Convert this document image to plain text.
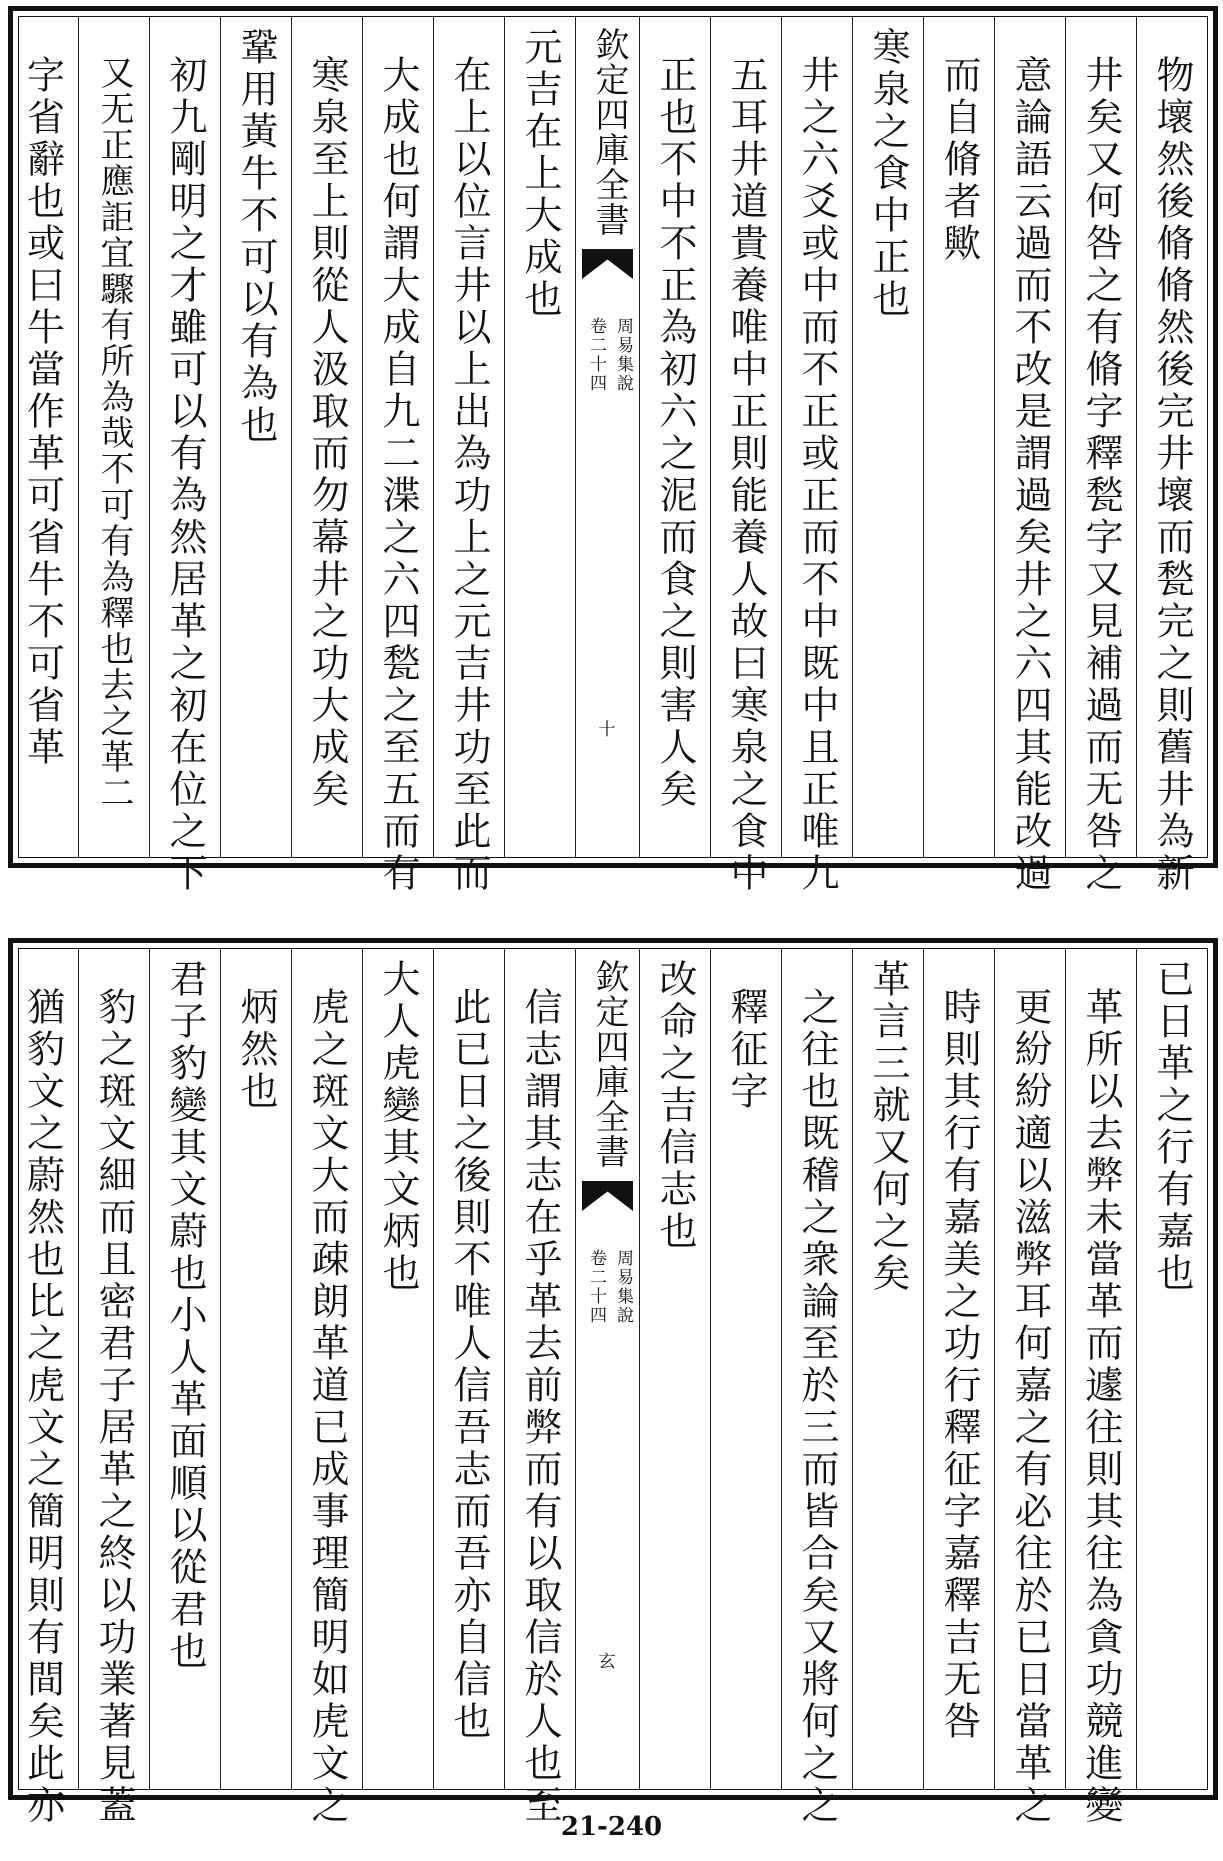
物壞然後脩脩然後完井壞而甃完之則舊井為新
井矣又何咎之有脩字釋甃字又見補過而无咎之
意論語云過而不改是謂過矣井之六四其能改過
而自脩者歟
寒泉之食中正也
井之六爻或中而不正或正而不中既中且正唯九
五耳井道貴養唯中正則能養人故曰寒泉之食中
正也不中不正為初六之泥而食之則害人矣
欽定四庫全書
周易集說
卷二十四
十
元吉在上大成也
在上以位言井以上出為功上之元吉井功至此而
大成也何謂大成自九二渫之六四甃之至五而有
寒泉至上則從人汲取而勿幕井之功大成矣
鞏用黃牛不可以有為也
初九剛明之才雖可以有為然居革之初在位之下
又无正應詎宜驟有所為哉不可有為釋也去之革二
字省辭也或曰牛當作革可省牛不可省革
已日革之行有嘉也
革所以去弊未當革而遽往則其往為貪功競進變
更紛紛適以滋弊耳何嘉之有必往於已日當革之
時則其行有嘉美之功行釋征字嘉釋吉无咎
革言三就又何之矣
之往也既稽之衆論至於三而皆合矣又將何之之
釋征字
改命之吉信志也
欽定四庫全書
周易集說
卷二十四
玄
信志謂其志在乎革去前弊而有以取信於人也至
此已日之後則不唯人信吾志而吾亦自信也
大人虎變其文炳也
虎之斑文大而疎朗革道已成事理簡明如虎文之
炳然也
君子豹變其文蔚也小人革面順以從君也
豹之斑文細而且密君子居革之終以功業著見蓋
猶豹文之蔚然也比之虎文之簡明則有間矣此亦	21-240
